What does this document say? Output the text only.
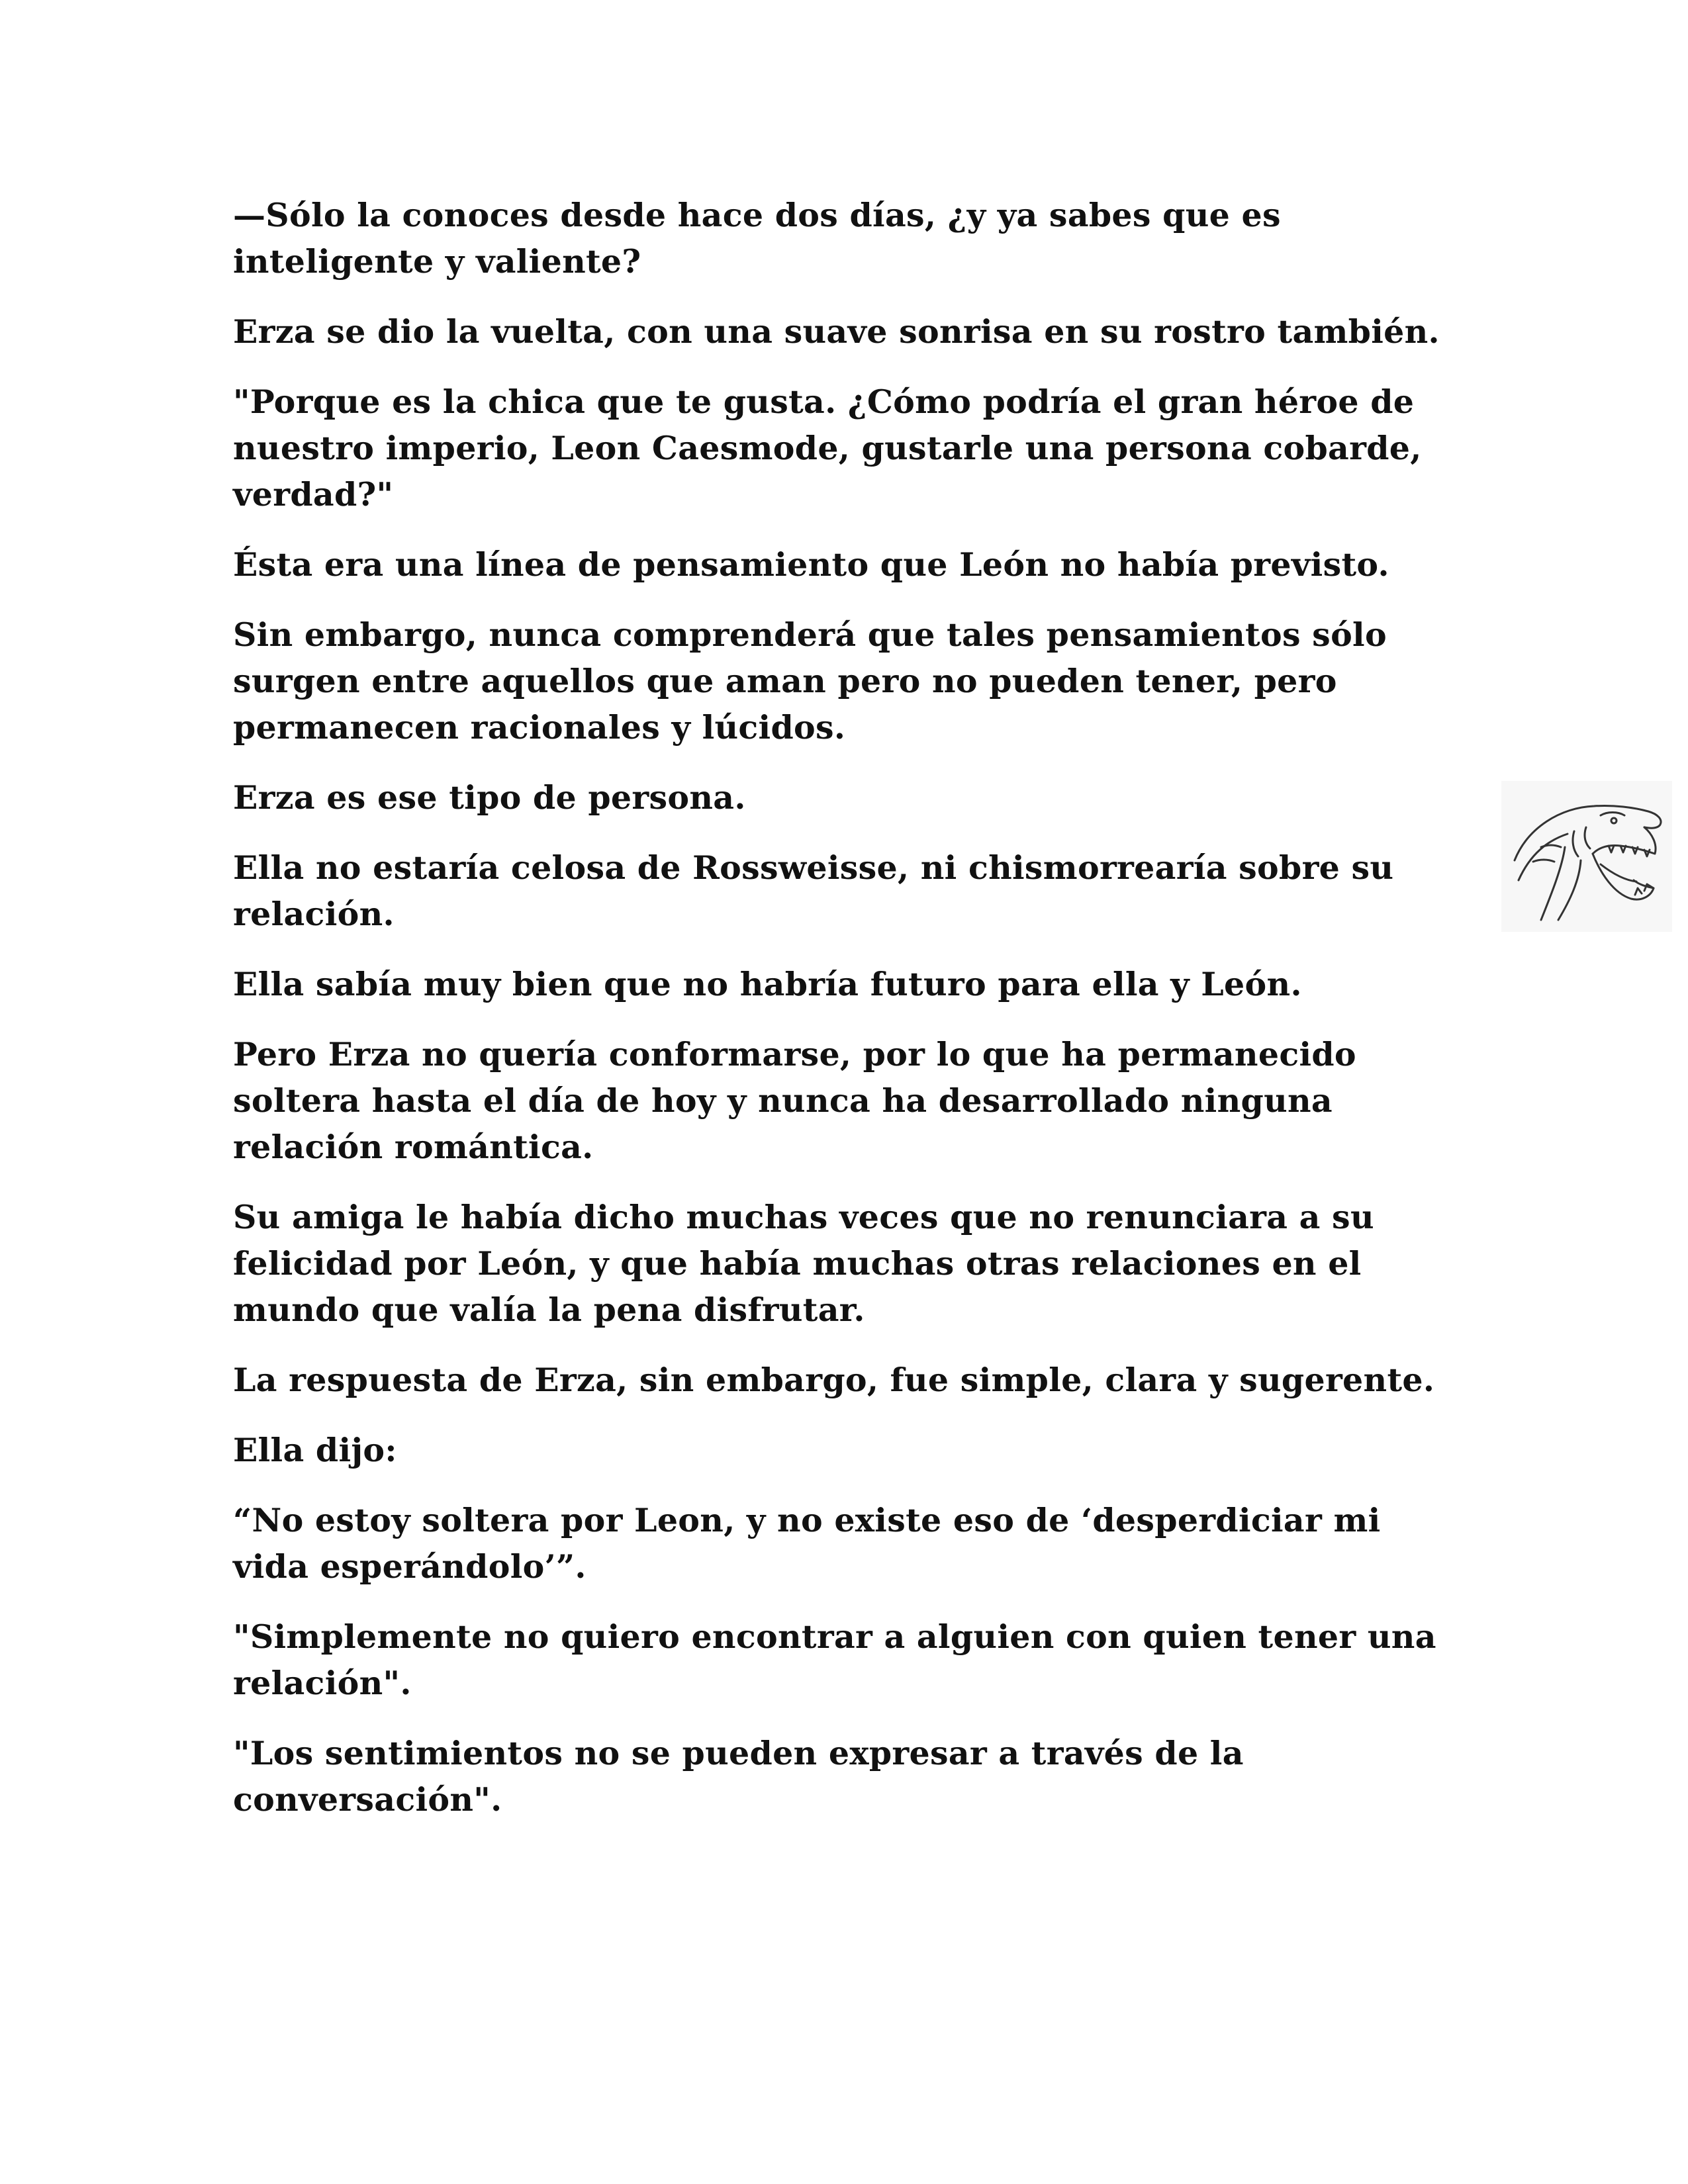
—Sólo la conoces desde hace dos días, ¿y ya sabes que es inteligente y valiente?

Erza se dio la vuelta, con una suave sonrisa en su rostro también.

"Porque es la chica que te gusta. ¿Cómo podría el gran héroe de nuestro imperio, Leon Caesmode, gustarle una persona cobarde, verdad?"

Ésta era una línea de pensamiento que León no había previsto.

Sin embargo, nunca comprenderá que tales pensamientos sólo surgen entre aquellos que aman pero no pueden tener, pero permanecen racionales y lúcidos.

Erza es ese tipo de persona.

Ella no estaría celosa de Rossweisse, ni chismorrearía sobre su relación.

Ella sabía muy bien que no habría futuro para ella y León.

Pero Erza no quería conformarse, por lo que ha permanecido soltera hasta el día de hoy y nunca ha desarrollado ninguna relación romántica.

Su amiga le había dicho muchas veces que no renunciara a su felicidad por León, y que había muchas otras relaciones en el mundo que valía la pena disfrutar.

La respuesta de Erza, sin embargo, fue simple, clara y sugerente.

Ella dijo:

“No estoy soltera por Leon, y no existe eso de ‘desperdiciar mi vida esperándolo’”.

"Simplemente no quiero encontrar a alguien con quien tener una relación".

"Los sentimientos no se pueden expresar a través de la conversación".
